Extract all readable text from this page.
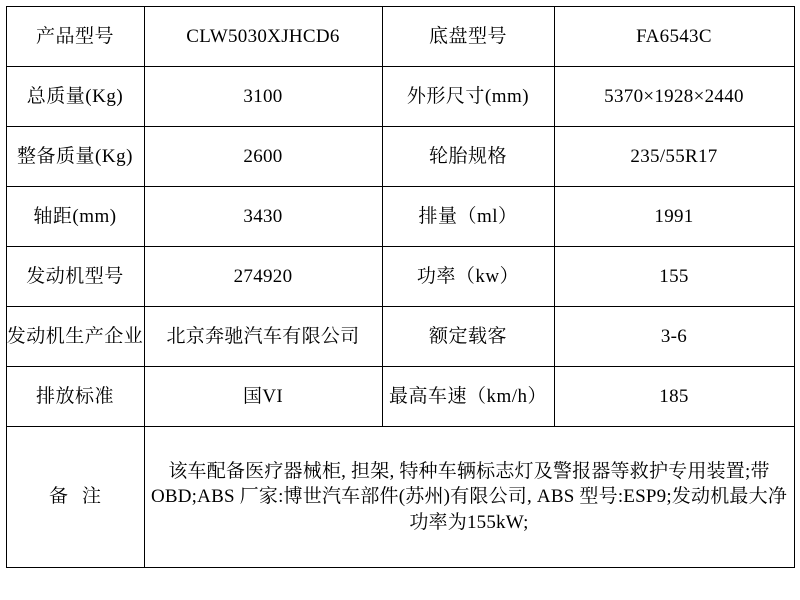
产品型号	CLW5030XJHCD6	底盘型号	FA6543C
总质量(Kg)	3100	外形尺寸(mm)	5370×1928×2440
整备质量(Kg)	2600	轮胎规格	235/55R17
轴距(mm)	3430	排量（ml）	1991
发动机型号	274920	功率（kw）	155
发动机生产企业	北京奔驰汽车有限公司	额定载客	3-6
排放标准	国VI	最高车速（km/h）	185
备注	该车配备医疗器械柜, 担架, 特种车辆标志灯及警报器等救护专用装置;带 OBD;ABS 厂家:博世汽车部件(苏州)有限公司, ABS 型号:ESP9;发动机最大净功率为155kW;		
